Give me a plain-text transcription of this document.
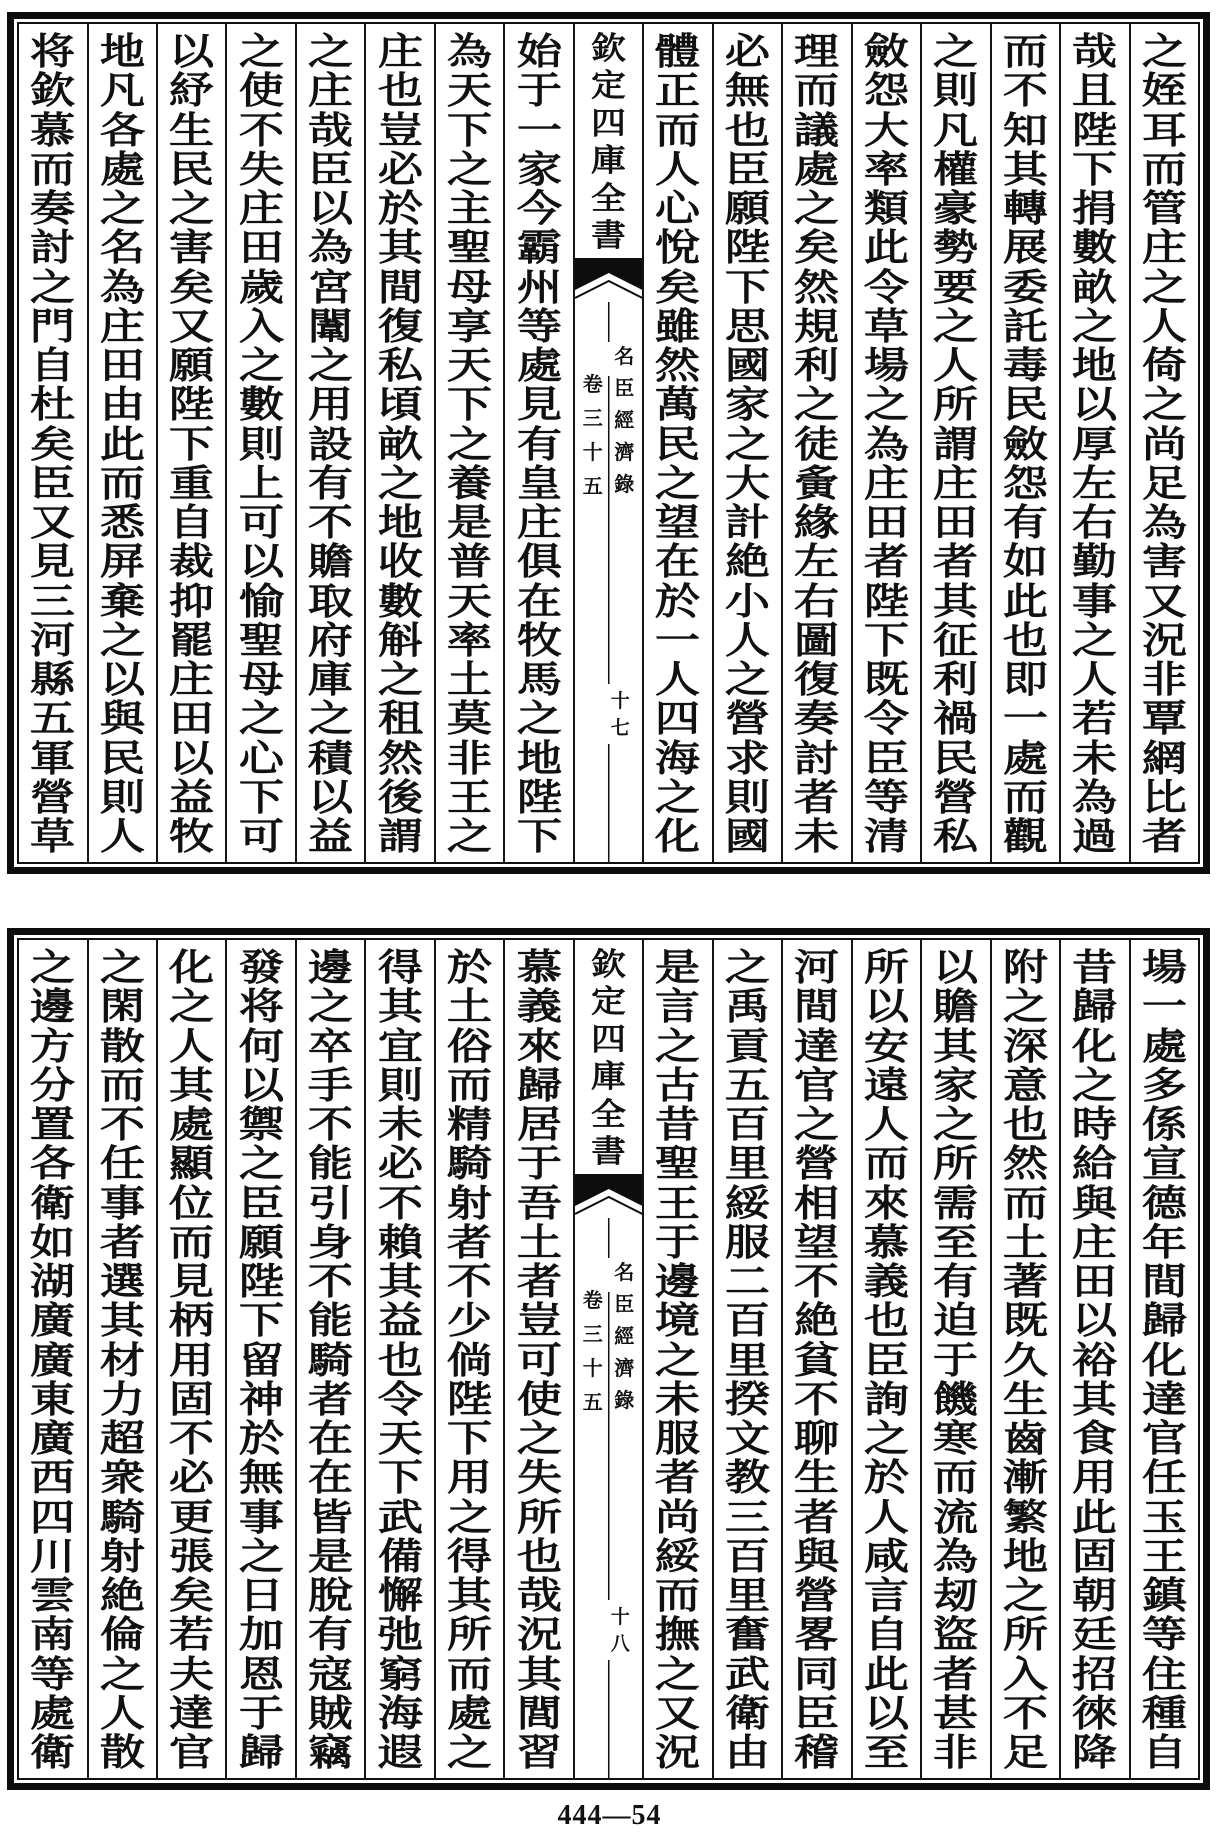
之
姪
耳
而
管
庄
之
人
倚
之
尚
足
為
害
又
況
非
覃
網
比
者
哉
且
陛
下
捐
數
畝
之
地
以
厚
左
右
勤
事
之
人
若
未
為
過
而
不
知
其
轉
展
委
託
毒
民
斂
怨
有
如
此
也
即
一
處
而
觀
之
則
凡
權
豪
勢
要
之
人
所
謂
庄
田
者
其
征
利
禍
民
營
私
斂
怨
大
率
類
此
令
草
場
之
為
庄
田
者
陛
下
既
令
臣
等
清
理
而
議
處
之
矣
然
規
利
之
徒
夤
緣
左
右
圖
復
奏
討
者
未
必
無
也
臣
願
陛
下
思
國
家
之
大
計
絶
小
人
之
營
求
則
國
體
正
而
人
心
悅
矣
雖
然
萬
民
之
望
在
於
一
人
四
海
之
化
欽
定
四
庫
全
書
名
臣
經
濟
錄
卷
三
十
五
十
七
始
于
一
家
今
霸
州
等
處
見
有
皇
庄
俱
在
牧
馬
之
地
陛
下
為
天
下
之
主
聖
母
享
天
下
之
養
是
普
天
率
土
莫
非
王
之
庄
也
豈
必
於
其
間
復
私
頃
畝
之
地
收
數
斛
之
租
然
後
謂
之
庄
哉
臣
以
為
宮
闈
之
用
設
有
不
贍
取
府
庫
之
積
以
益
之
使
不
失
庄
田
歲
入
之
數
則
上
可
以
愉
聖
母
之
心
下
可
以
紓
生
民
之
害
矣
又
願
陛
下
重
自
裁
抑
罷
庄
田
以
益
牧
地
凡
各
處
之
名
為
庄
田
由
此
而
悉
屏
棄
之
以
與
民
則
人
将
欽
慕
而
奏
討
之
門
自
杜
矣
臣
又
見
三
河
縣
五
軍
營
草
場
一
處
多
係
宣
德
年
間
歸
化
達
官
任
玉
王
鎮
等
住
種
自
昔
歸
化
之
時
給
與
庄
田
以
裕
其
食
用
此
固
朝
廷
招
徠
降
附
之
深
意
也
然
而
土
著
既
久
生
齒
漸
繁
地
之
所
入
不
足
以
贍
其
家
之
所
需
至
有
迫
于
饑
寒
而
流
為
刼
盜
者
甚
非
所
以
安
遠
人
而
來
慕
義
也
臣
詢
之
於
人
咸
言
自
此
以
至
河
間
達
官
之
營
相
望
不
絶
貧
不
聊
生
者
與
營
畧
同
臣
稽
之
禹
貢
五
百
里
綏
服
二
百
里
揆
文
教
三
百
里
奮
武
衛
由
是
言
之
古
昔
聖
王
于
邊
境
之
未
服
者
尚
綏
而
撫
之
又
況
欽
定
四
庫
全
書
名
臣
經
濟
錄
卷
三
十
五
十
八
慕
義
來
歸
居
于
吾
土
者
豈
可
使
之
失
所
也
哉
況
其
閭
習
於
土
俗
而
精
騎
射
者
不
少
倘
陛
下
用
之
得
其
所
而
處
之
得
其
宜
則
未
必
不
賴
其
益
也
令
天
下
武
備
懈
弛
窮
海
遐
邊
之
卒
手
不
能
引
身
不
能
騎
者
在
在
皆
是
脫
有
寇
賊
竊
發
将
何
以
禦
之
臣
願
陛
下
留
神
於
無
事
之
日
加
恩
于
歸
化
之
人
其
處
顯
位
而
見
柄
用
固
不
必
更
張
矣
若
夫
達
官
之
閑
散
而
不
任
事
者
選
其
材
力
超
衆
騎
射
絶
倫
之
人
散
之
邊
方
分
置
各
衛
如
湖
廣
廣
東
廣
西
四
川
雲
南
等
處
衛
444—54
